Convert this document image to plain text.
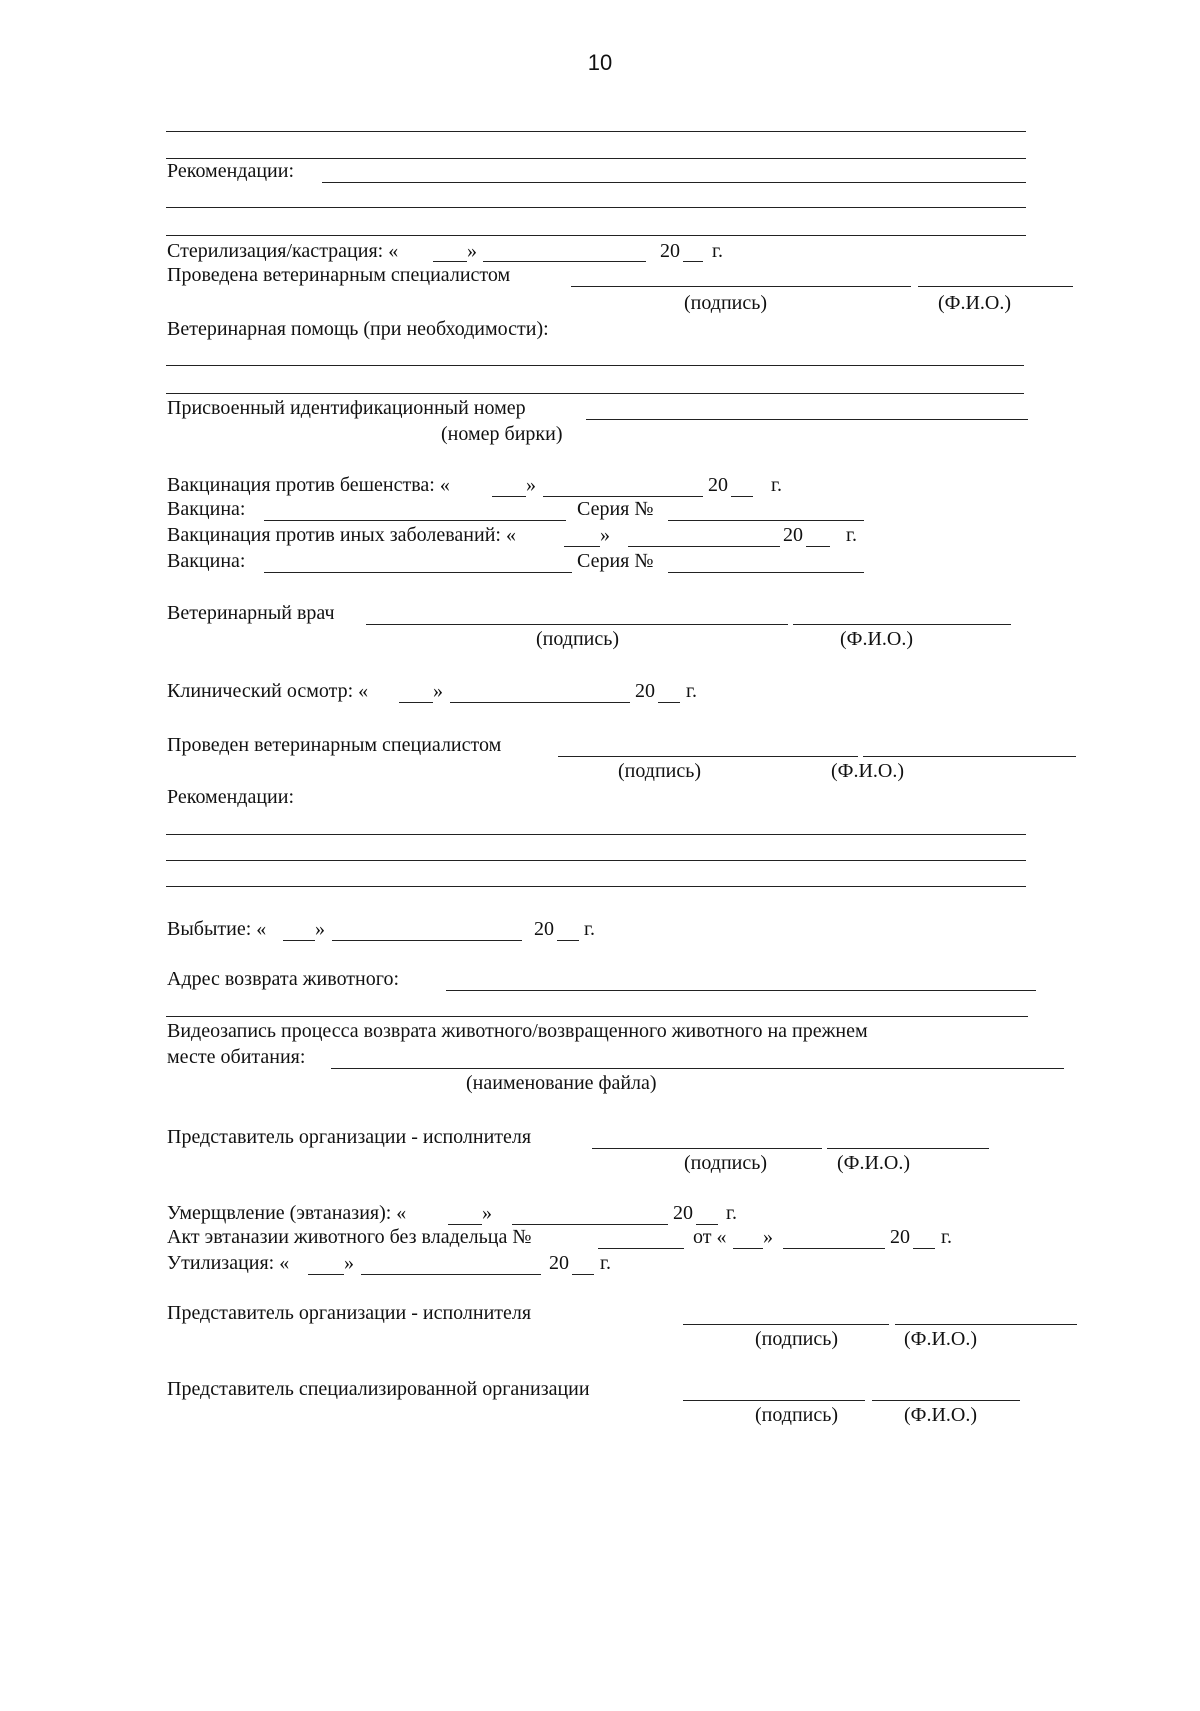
10
Рекомендации:
Стерилизация/кастрация: «	»	20 г.
Проведена ветеринарным специалистом
(подпись)	(Ф.И.О.)
Ветеринарная помощь (при необходимости):
Присвоенный идентификационный номер
(номер бирки)
Вакцинация против бешенства: «	»	20 г.
Вакцина:	Серия №
Вакцинация против иных заболеваний: «	»	20 г.
Вакцина:	Серия №
Ветеринарный врач
(подпись)	(Ф.И.О.)
Клинический осмотр: «	»	20 г.
Проведен ветеринарным специалистом
(подпись)	(Ф.И.О.)
Рекомендации:
Выбытие: « »	20 г.
Адрес возврата животного:
Видеозапись процесса возврата животного/возвращенного животного на прежнем
месте обитания:
(наименование файла)
Представитель организации - исполнителя
(подпись)	(Ф.И.О.)
Умерщвление (эвтаназия): «	»	20 г.
Акт эвтаназии животного без владельца №	от « »	20 г.
Утилизация: «	»	20 г.
Представитель организации - исполнителя
(подпись)	(Ф.И.О.)
Представитель специализированной организации
(подпись)	(Ф.И.О.)
